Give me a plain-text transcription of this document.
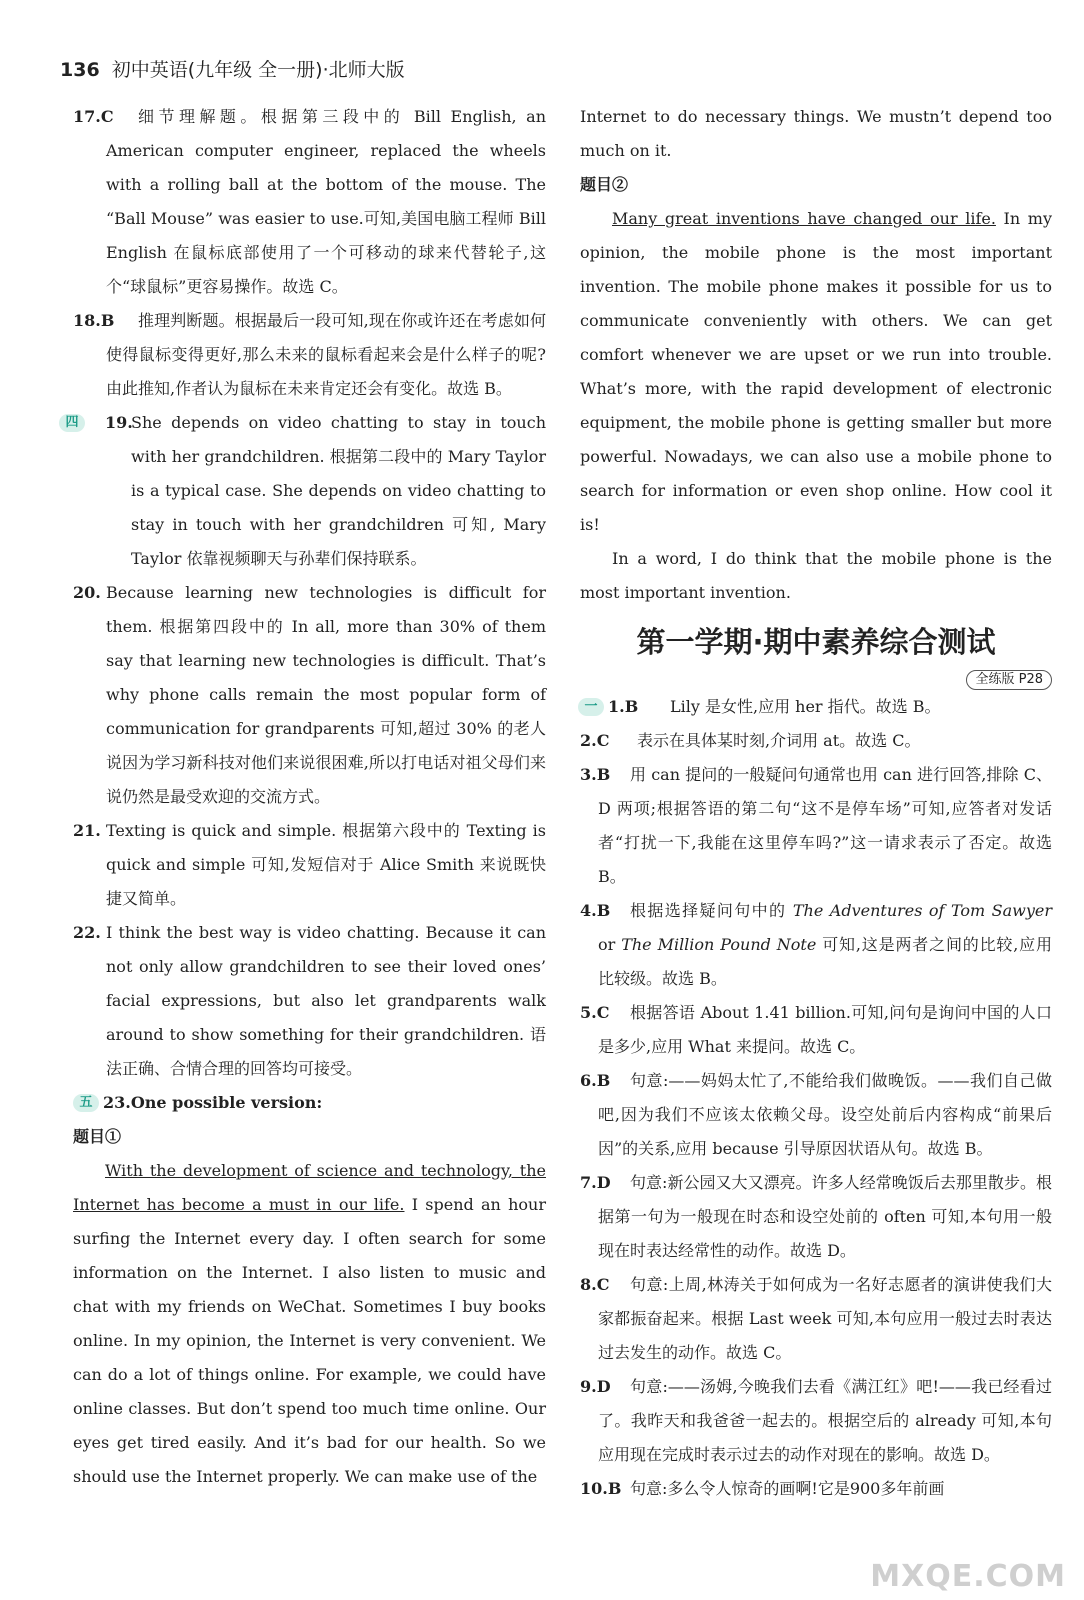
136 初中英语(九年级 全一册)·北师大版
17.C	细节理解题。根据第三段中的 Bill English, an American computer engineer, replaced the wheels with a rolling ball at the bottom of the mouse. The “Ball Mouse” was easier to use.可知,美国电脑工程师 Bill English 在鼠标底部使用了一个可移动的球来代替轮子,这个“球鼠标”更容易操作。故选 C。
18.B	推理判断题。根据最后一段可知,现在你或许还在考虑如何使得鼠标变得更好,那么未来的鼠标看起来会是什么样子的呢?由此推知,作者认为鼠标在未来肯定还会有变化。故选 B。
四	19.
She depends on video chatting to stay in touch with her grandchildren. 根据第二段中的 Mary Taylor is a typical case. She depends on video chatting to stay in touch with her grandchildren 可知, Mary Taylor 依靠视频聊天与孙辈们保持联系。
20. Because learning new technologies is difficult for them. 根据第四段中的 In all, more than 30% of them say that learning new technologies is difficult. That’s why phone calls remain the most popular form of communication for grandparents 可知,超过 30% 的老人说因为学习新科技对他们来说很困难,所以打电话对祖父母们来说仍然是最受欢迎的交流方式。
21. Texting is quick and simple. 根据第六段中的 Texting is quick and simple 可知,发短信对于 Alice Smith 来说既快捷又简单。
22. I think the best way is video chatting. Because it can not only allow grandchildren to see their loved ones’ facial expressions, but also let grandparents walk around to show something for their grandchildren. 语法正确、合情合理的回答均可接受。
五 23.One possible version:
题目①

With the development of science and technology, the Internet has become a must in our life. I spend an hour surfing the Internet every day. I often search for some information on the Internet. I also listen to music and chat with my friends on WeChat. Sometimes I buy books online. In my opinion, the Internet is very convenient. We can do a lot of things online. For example, we could have online classes. But don’t spend too much time online. Our eyes get tired easily. And it’s bad for our health. So we should use the Internet properly. We can make use of the

Internet to do necessary things. We mustn’t depend too much on it.

题目②

Many great inventions have changed our life. In my opinion, the mobile phone is the most important invention. The mobile phone makes it possible for us to communicate conveniently with others. We can get comfort whenever we are upset or we run into trouble. What’s more, with the rapid development of electronic equipment, the mobile phone is getting smaller but more powerful. Nowadays, we can also use a mobile phone to search for information or even shop online. How cool it is!

In a word, I do think that the mobile phone is the most important invention.

第一学期·期中素养综合测试
全练版 P28
一 1.B	Lily 是女性,应用 her 指代。故选 B。
2.C	表示在具体某时刻,介词用 at。故选 C。
3.B	用 can 提问的一般疑问句通常也用 can 进行回答,排除 C、D 两项;根据答语的第二句“这不是停车场”可知,应答者对发话者“打扰一下,我能在这里停车吗?”这一请求表示了否定。故选 B。
4.B	根据选择疑问句中的 The Adventures of Tom Sawyer or The Million Pound Note 可知,这是两者之间的比较,应用比较级。故选 B。
5.C	根据答语 About 1.41 billion.可知,问句是询问中国的人口是多少,应用 What 来提问。故选 C。
6.B	句意:——妈妈太忙了,不能给我们做晚饭。——我们自己做吧,因为我们不应该太依赖父母。设空处前后内容构成“前果后因”的关系,应用 because 引导原因状语从句。故选 B。
7.D	句意:新公园又大又漂亮。许多人经常晚饭后去那里散步。根据第一句为一般现在时态和设空处前的 often 可知,本句用一般现在时表达经常性的动作。故选 D。
8.C	句意:上周,林涛关于如何成为一名好志愿者的演讲使我们大家都振奋起来。根据 Last week 可知,本句应用一般过去时表达过去发生的动作。故选 C。
9.D	句意:——汤姆,今晚我们去看《满江红》吧!——我已经看过了。我昨天和我爸爸一起去的。根据空后的 already 可知,本句应用现在完成时表示过去的动作对现在的影响。故选 D。
10.B 句意:多么令人惊奇的画啊!它是900多年前画
MXQE.COM
